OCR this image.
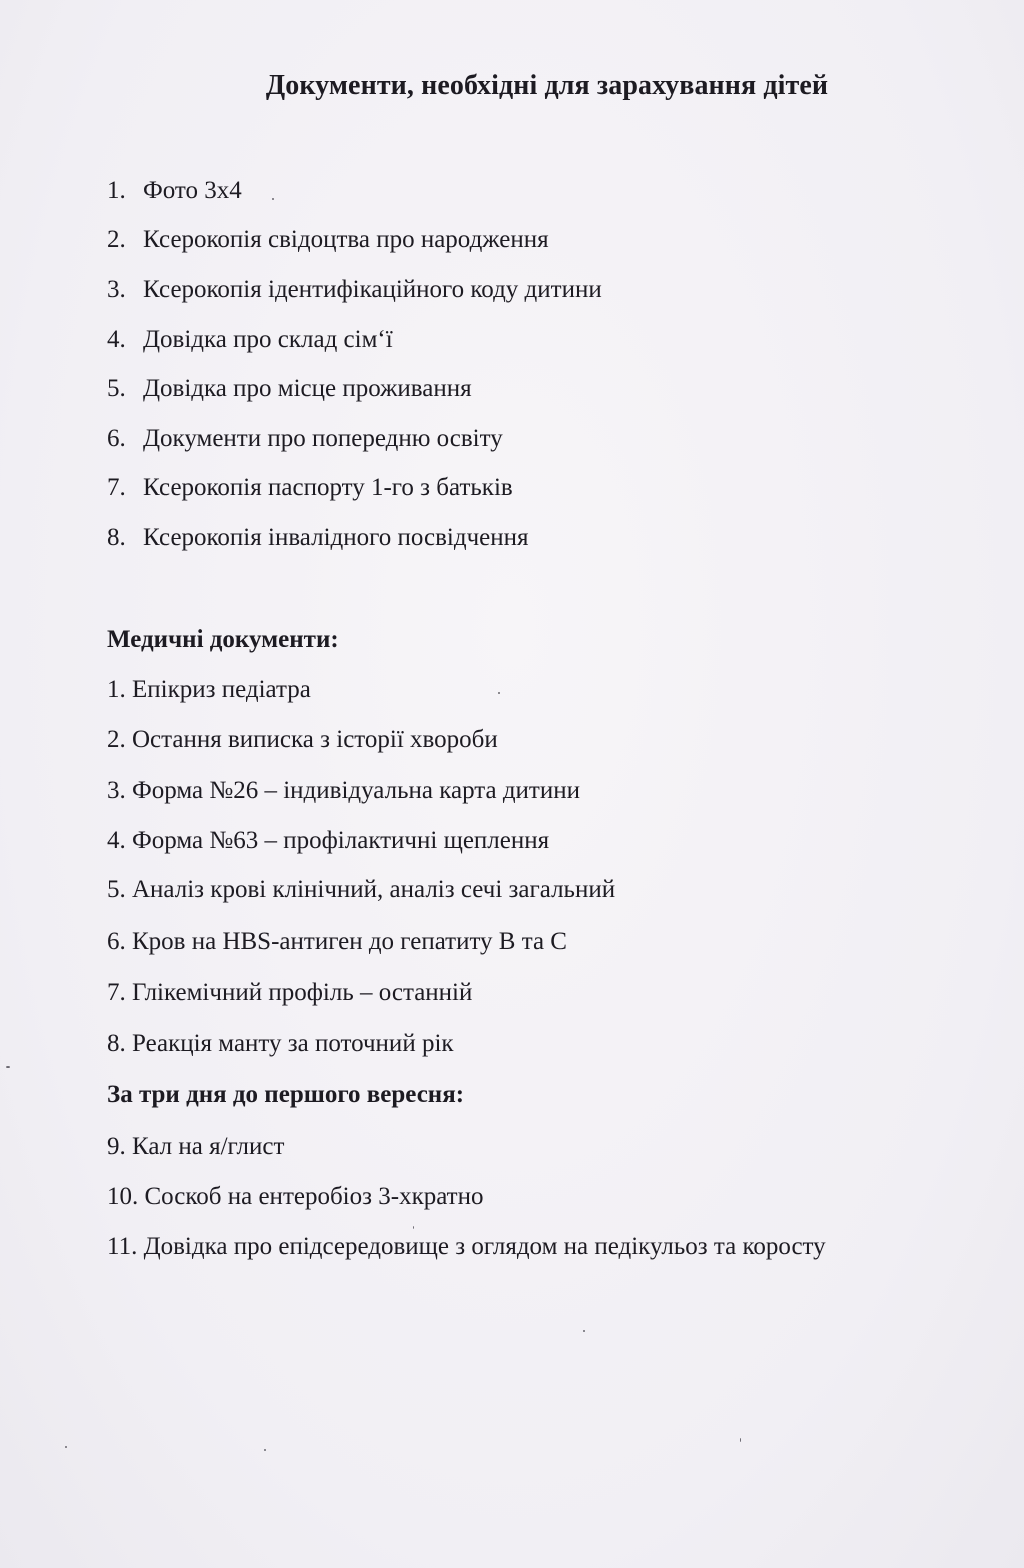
Документи, необхідні для зарахування дітей

1. Фото 3х4

2. Ксерокопія свідоцтва про народження

3. Ксерокопія ідентифікаційного коду дитини

4. Довідка про склад сім‘ї

5. Довідка про місце проживання

6. Документи про попередню освіту

7. Ксерокопія паспорту 1-го з батьків

8. Ксерокопія інвалідного посвідчення

Медичні документи:

1. Епікриз педіатра

2. Остання виписка з історії хвороби

3. Форма №26 – індивідуальна карта дитини

4. Форма №63 – профілактичні щеплення

5. Аналіз крові клінічний, аналіз сечі загальний

6. Кров на HBS-антиген до гепатиту В та С

7. Глікемічний профіль – останній

8. Реакція манту за поточний рік

За три дня до першого вересня:

9. Кал на я/глист

10. Соскоб на ентеробіоз 3-хкратно

11. Довідка про епідсередовище з оглядом на педікульоз та коросту
